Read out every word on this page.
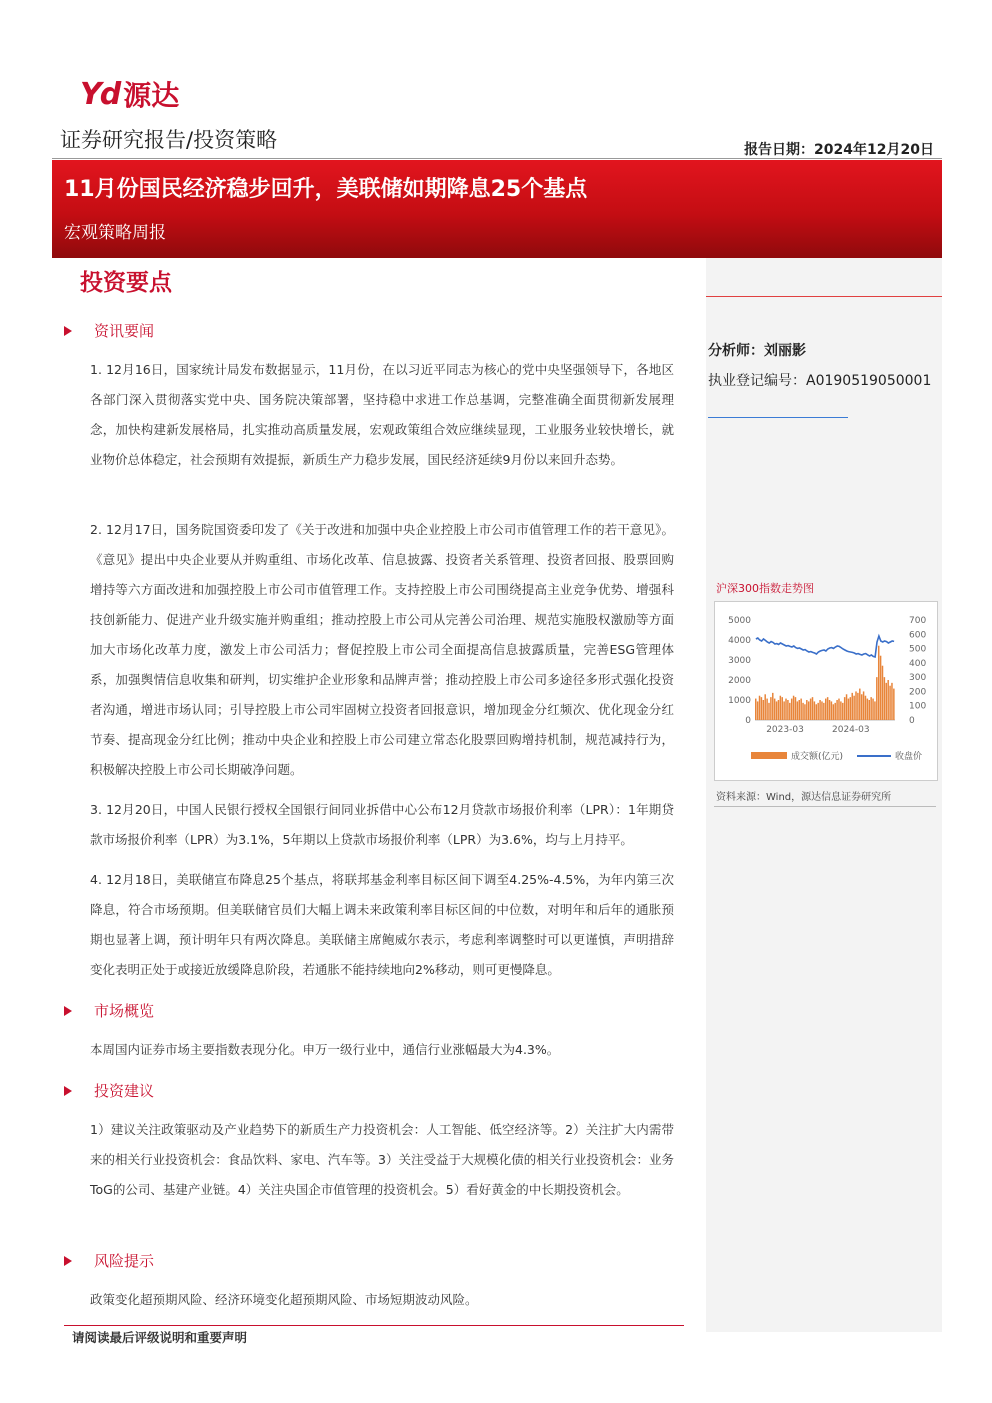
Yd 源达
证券研究报告/投资策略	报告日期：2024年12月20日
11月份国民经济稳步回升，美联储如期降息25个基点
宏观策略周报
分析师：刘丽影
执业登记编号：A0190519050001
沪深300指数走势图
0
1000
2000
3000
4000
5000
0
100
200
300
400
500
600
700
2023-03	2024-03
成交额(亿元)	收盘价
资料来源：Wind，源达信息证券研究所
投资要点
资讯要闻
1. 12月16日，国家统计局发布数据显示，11月份，在以习近平同志为核心的党中央坚强领导下，各地区各部门深入贯彻落实党中央、国务院决策部署，坚持稳中求进工作总基调，完整准确全面贯彻新发展理念，加快构建新发展格局，扎实推动高质量发展，宏观政策组合效应继续显现，工业服务业较快增长，就业物价总体稳定，社会预期有效提振，新质生产力稳步发展，国民经济延续9月份以来回升态势。
2. 12月17日，国务院国资委印发了《关于改进和加强中央企业控股上市公司市值管理工作的若干意见》。《意见》提出中央企业要从并购重组、市场化改革、信息披露、投资者关系管理、投资者回报、股票回购增持等六方面改进和加强控股上市公司市值管理工作。支持控股上市公司围绕提高主业竞争优势、增强科技创新能力、促进产业升级实施并购重组；推动控股上市公司从完善公司治理、规范实施股权激励等方面加大市场化改革力度，激发上市公司活力；督促控股上市公司全面提高信息披露质量，完善ESG管理体系，加强舆情信息收集和研判，切实维护企业形象和品牌声誉；推动控股上市公司多途径多形式强化投资者沟通，增进市场认同；引导控股上市公司牢固树立投资者回报意识，增加现金分红频次、优化现金分红节奏、提高现金分红比例；推动中央企业和控股上市公司建立常态化股票回购增持机制，规范减持行为，积极解决控股上市公司长期破净问题。
3. 12月20日，中国人民银行授权全国银行间同业拆借中心公布12月贷款市场报价利率（LPR）：1年期贷款市场报价利率（LPR）为3.1%，5年期以上贷款市场报价利率（LPR）为3.6%，均与上月持平。
4. 12月18日，美联储宣布降息25个基点，将联邦基金利率目标区间下调至4.25%-4.5%，为年内第三次降息，符合市场预期。但美联储官员们大幅上调未来政策利率目标区间的中位数，对明年和后年的通胀预期也显著上调，预计明年只有两次降息。美联储主席鲍威尔表示，考虑利率调整时可以更谨慎，声明措辞变化表明正处于或接近放缓降息阶段，若通胀不能持续地向2%移动，则可更慢降息。
市场概览
本周国内证券市场主要指数表现分化。申万一级行业中，通信行业涨幅最大为4.3%。
投资建议
1）建议关注政策驱动及产业趋势下的新质生产力投资机会：人工智能、低空经济等。2）关注扩大内需带来的相关行业投资机会：食品饮料、家电、汽车等。3）关注受益于大规模化债的相关行业投资机会：业务ToG的公司、基建产业链。4）关注央国企市值管理的投资机会。5）看好黄金的中长期投资机会。
风险提示
政策变化超预期风险、经济环境变化超预期风险、市场短期波动风险。
请阅读最后评级说明和重要声明
